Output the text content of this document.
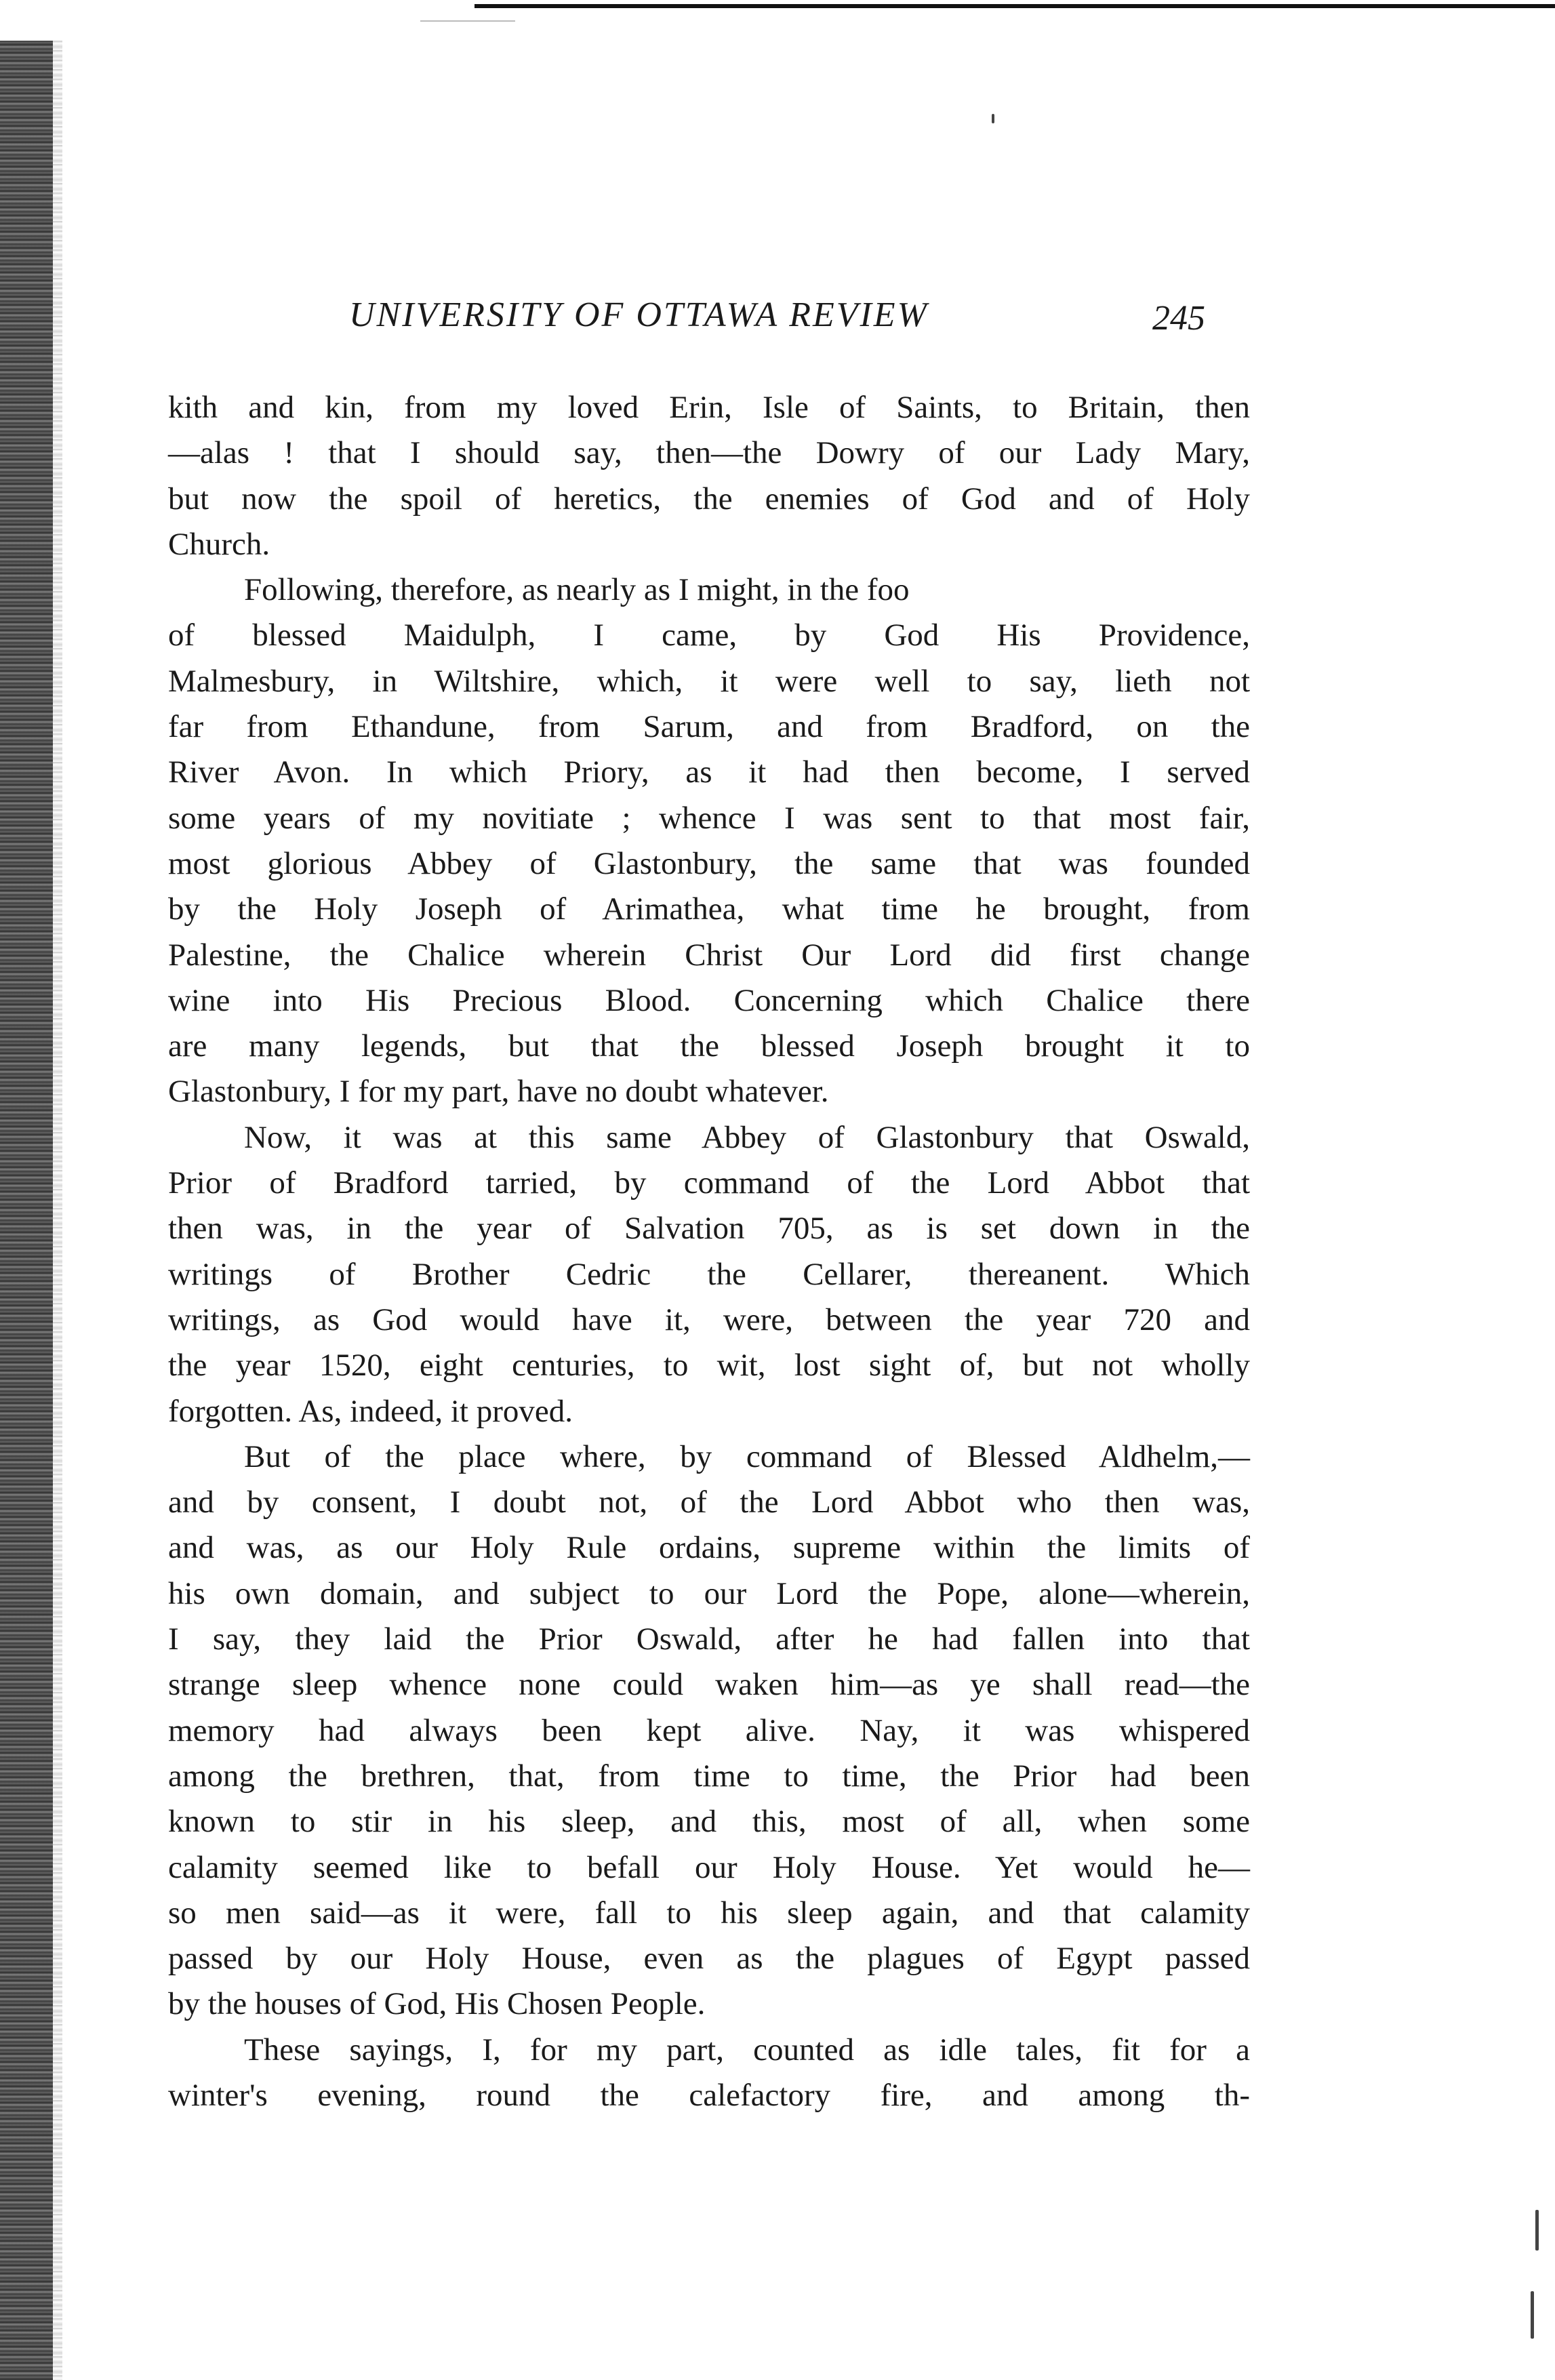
UNIVERSITY OF OTTAWA REVIEW	245
kith and kin, from my loved Erin, Isle of Saints, to Britain, then
—alas ! that I should say, then—the Dowry of our Lady Mary,
but now the spoil of heretics, the enemies of God and of Holy
Church.
Following, therefore, as nearly as I might, in the foo
of blessed Maidulph, I came, by God His Providence,
Malmesbury, in Wiltshire, which, it were well to say, lieth not
far from Ethandune, from Sarum, and from Bradford, on the
River Avon. In which Priory, as it had then become, I served
some years of my novitiate ; whence I was sent to that most fair,
most glorious Abbey of Glastonbury, the same that was founded
by the Holy Joseph of Arimathea, what time he brought, from
Palestine, the Chalice wherein Christ Our Lord did first change
wine into His Precious Blood. Concerning which Chalice there
are many legends, but that the blessed Joseph brought it to
Glastonbury, I for my part, have no doubt whatever.
Now, it was at this same Abbey of Glastonbury that Oswald,
Prior of Bradford tarried, by command of the Lord Abbot that
then was, in the year of Salvation 705, as is set down in the
writings of Brother Cedric the Cellarer, thereanent. Which
writings, as God would have it, were, between the year 720 and
the year 1520, eight centuries, to wit, lost sight of, but not wholly
forgotten. As, indeed, it proved.
But of the place where, by command of Blessed Aldhelm,—
and by consent, I doubt not, of the Lord Abbot who then was,
and was, as our Holy Rule ordains, supreme within the limits of
his own domain, and subject to our Lord the Pope, alone—wherein,
I say, they laid the Prior Oswald, after he had fallen into that
strange sleep whence none could waken him—as ye shall read—the
memory had always been kept alive. Nay, it was whispered
among the brethren, that, from time to time, the Prior had been
known to stir in his sleep, and this, most of all, when some
calamity seemed like to befall our Holy House. Yet would he—
so men said—as it were, fall to his sleep again, and that calamity
passed by our Holy House, even as the plagues of Egypt passed
by the houses of God, His Chosen People.
These sayings, I, for my part, counted as idle tales, fit for a
winter's evening, round the calefactory fire, and among th-
